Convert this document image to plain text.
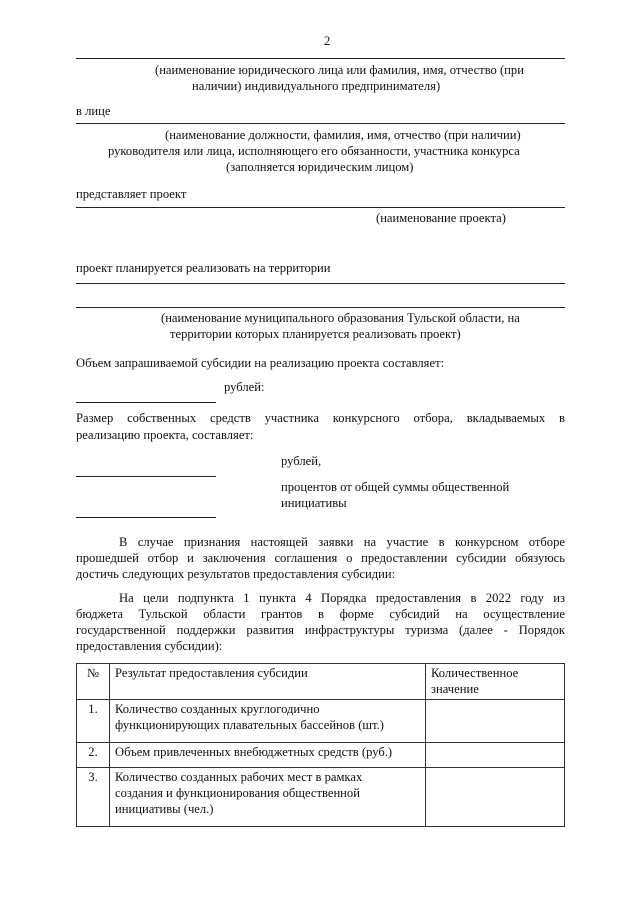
2
(наименование юридического лица или фамилия, имя, отчество (при
наличии) индивидуального предпринимателя)
в лице
(наименование должности, фамилия, имя, отчество (при наличии)
руководителя или лица, исполняющего его обязанности, участника конкурса
(заполняется юридическим лицом)
представляет проект
(наименование проекта)
проект планируется реализовать на территории
(наименование муниципального образования Тульской области, на
территории которых планируется реализовать проект)
Объем запрашиваемой субсидии на реализацию проекта составляет:
рублей:
Размер собственных средств участника конкурсного отбора, вкладываемых в
реализацию проекта, составляет:
рублей,
процентов от общей суммы общественной
инициативы
В случае признания настоящей заявки на участие в конкурсном отборе
прошедшей отбор и заключения соглашения о предоставлении субсидии обязуюсь
достичь следующих результатов предоставления субсидии:
На цели подпункта 1 пункта 4 Порядка предоставления в 2022 году из
бюджета Тульской области грантов в форме субсидий на осуществление
государственной поддержки развития инфраструктуры туризма (далее - Порядок
предоставления субсидии):
№	Результат предоставления субсидии	Количественное
значение
1.	Количество созданных круглогодично
функционирующих плавательных бассейнов (шт.)	
2.	Объем привлеченных внебюджетных средств (руб.)	
3.	Количество созданных рабочих мест в рамках
создания и функционирования общественной
инициативы (чел.)	
